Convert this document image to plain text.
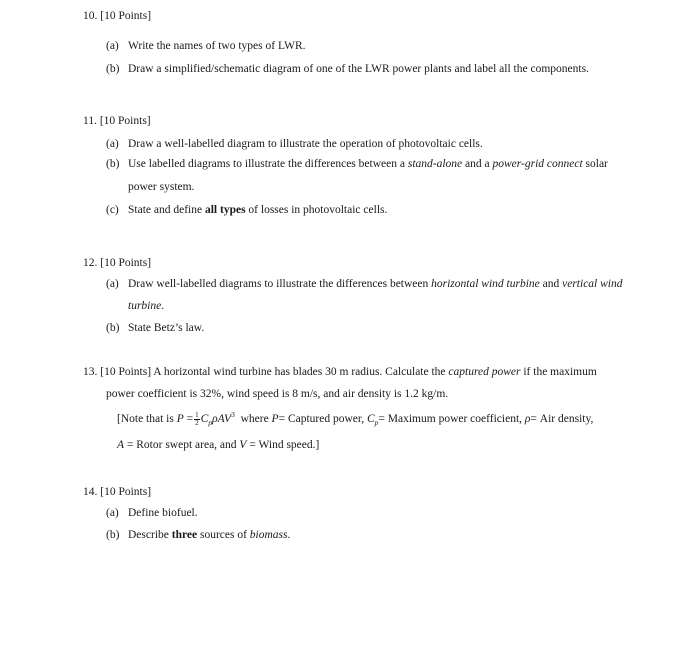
10. [10 Points]
(a) Write the names of two types of LWR.
(b) Draw a simplified/schematic diagram of one of the LWR power plants and label all the components.
11. [10 Points]
(a) Draw a well-labelled diagram to illustrate the operation of photovoltaic cells.
(b) Use labelled diagrams to illustrate the differences between a stand-alone and a power-grid connect solar
power system.
(c) State and define all types of losses in photovoltaic cells.
12. [10 Points]
(a) Draw well-labelled diagrams to illustrate the differences between horizontal wind turbine and vertical wind
turbine.
(b) State Betz’s law.
13. [10 Points] A horizontal wind turbine has blades 30 m radius. Calculate the captured power if the maximum
power coefficient is 32%, wind speed is 8 m/s, and air density is 1.2 kg/m.
[Note that is $P = \frac{1}{2} C_p\rho AV^3$ where P= Captured power, $C_p=$ Maximum power coefficient, ρ= Air density,
A = Rotor swept area, and V = Wind speed.]
14. [10 Points]
(a) Define biofuel.
(b) Describe three sources of biomass.
